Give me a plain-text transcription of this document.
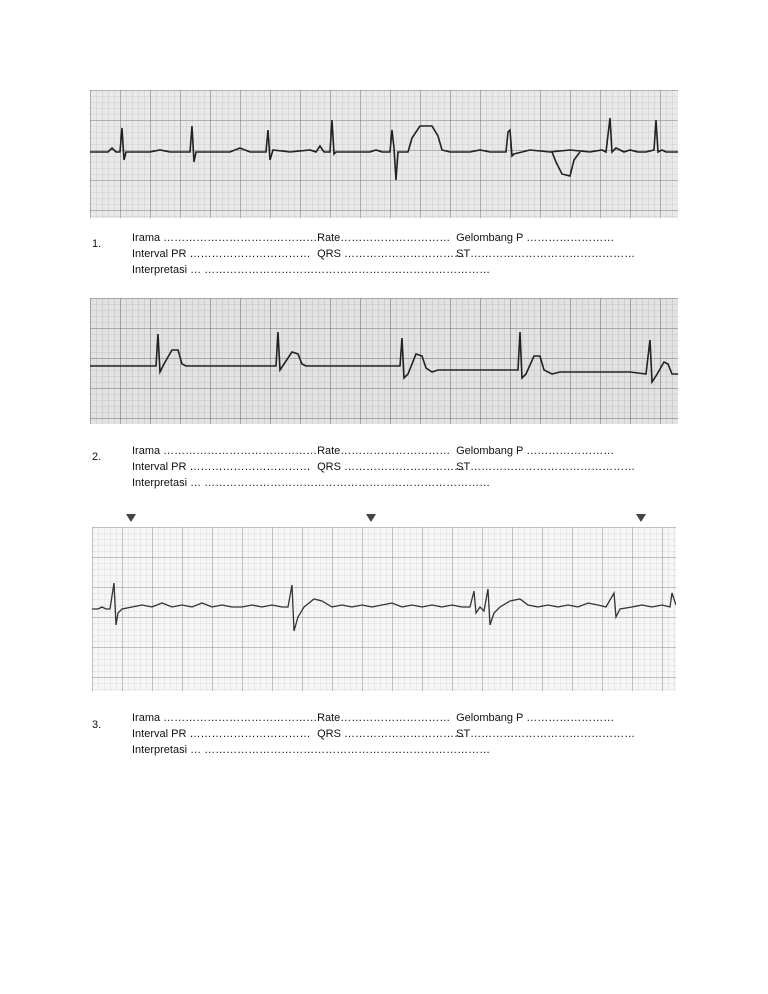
1.	Irama …………………………………… Rate………………………… Gelombang P ……………………
Interval PR …………………………… QRS …………………………… ST………………………………………
Interpretasi … ……………………………………………………………………
2.	Irama …………………………………… Rate………………………… Gelombang P ……………………
Interval PR …………………………… QRS …………………………… ST………………………………………
Interpretasi … ……………………………………………………………………
3.
Irama …………………………………… Rate………………………… Gelombang P ……………………
Interval PR …………………………… QRS …………………………… ST………………………………………
Interpretasi … ……………………………………………………………………
